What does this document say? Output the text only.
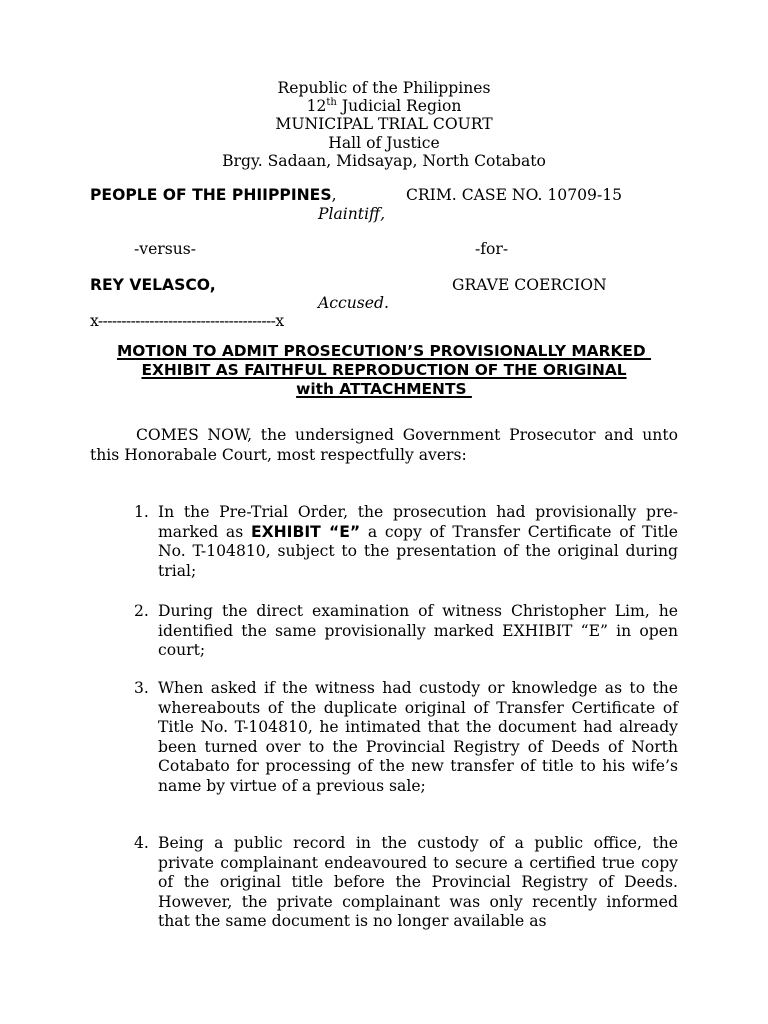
Republic of the Philippines
12th Judicial Region
MUNICIPAL TRIAL COURT
Hall of Justice
Brgy. Sadaan, Midsayap, North Cotabato
PEOPLE OF THE PHIIPPINES,
Plaintiff,
CRIM. CASE NO. 10709-15
-versus-	-for-
REY VELASCO,	GRAVE COERCION
Accused.
x--------------------------------------x
MOTION TO ADMIT PROSECUTION’S PROVISIONALLY MARKED
EXHIBIT AS FAITHFUL REPRODUCTION OF THE ORIGINAL
with ATTACHMENTS
COMES NOW, the undersigned Government Prosecutor and unto this Honorabale Court, most respectfully avers:
1. In the Pre-Trial Order, the prosecution had provisionally pre-marked as EXHIBIT “E” a copy of Transfer Certificate of Title No. T-104810, subject to the presentation of the original during trial;
2. During the direct examination of witness Christopher Lim, he identified the same provisionally marked EXHIBIT “E” in open court;
3. When asked if the witness had custody or knowledge as to the whereabouts of the duplicate original of Transfer Certificate of Title No. T-104810, he intimated that the document had already been turned over to the Provincial Registry of Deeds of North Cotabato for processing of the new transfer of title to his wife’s name by virtue of a previous sale;
4. Being a public record in the custody of a public office, the private complainant endeavoured to secure a certified true copy of the original title before the Provincial Registry of Deeds. However, the private complainant was only recently informed that the same document is no longer available as
